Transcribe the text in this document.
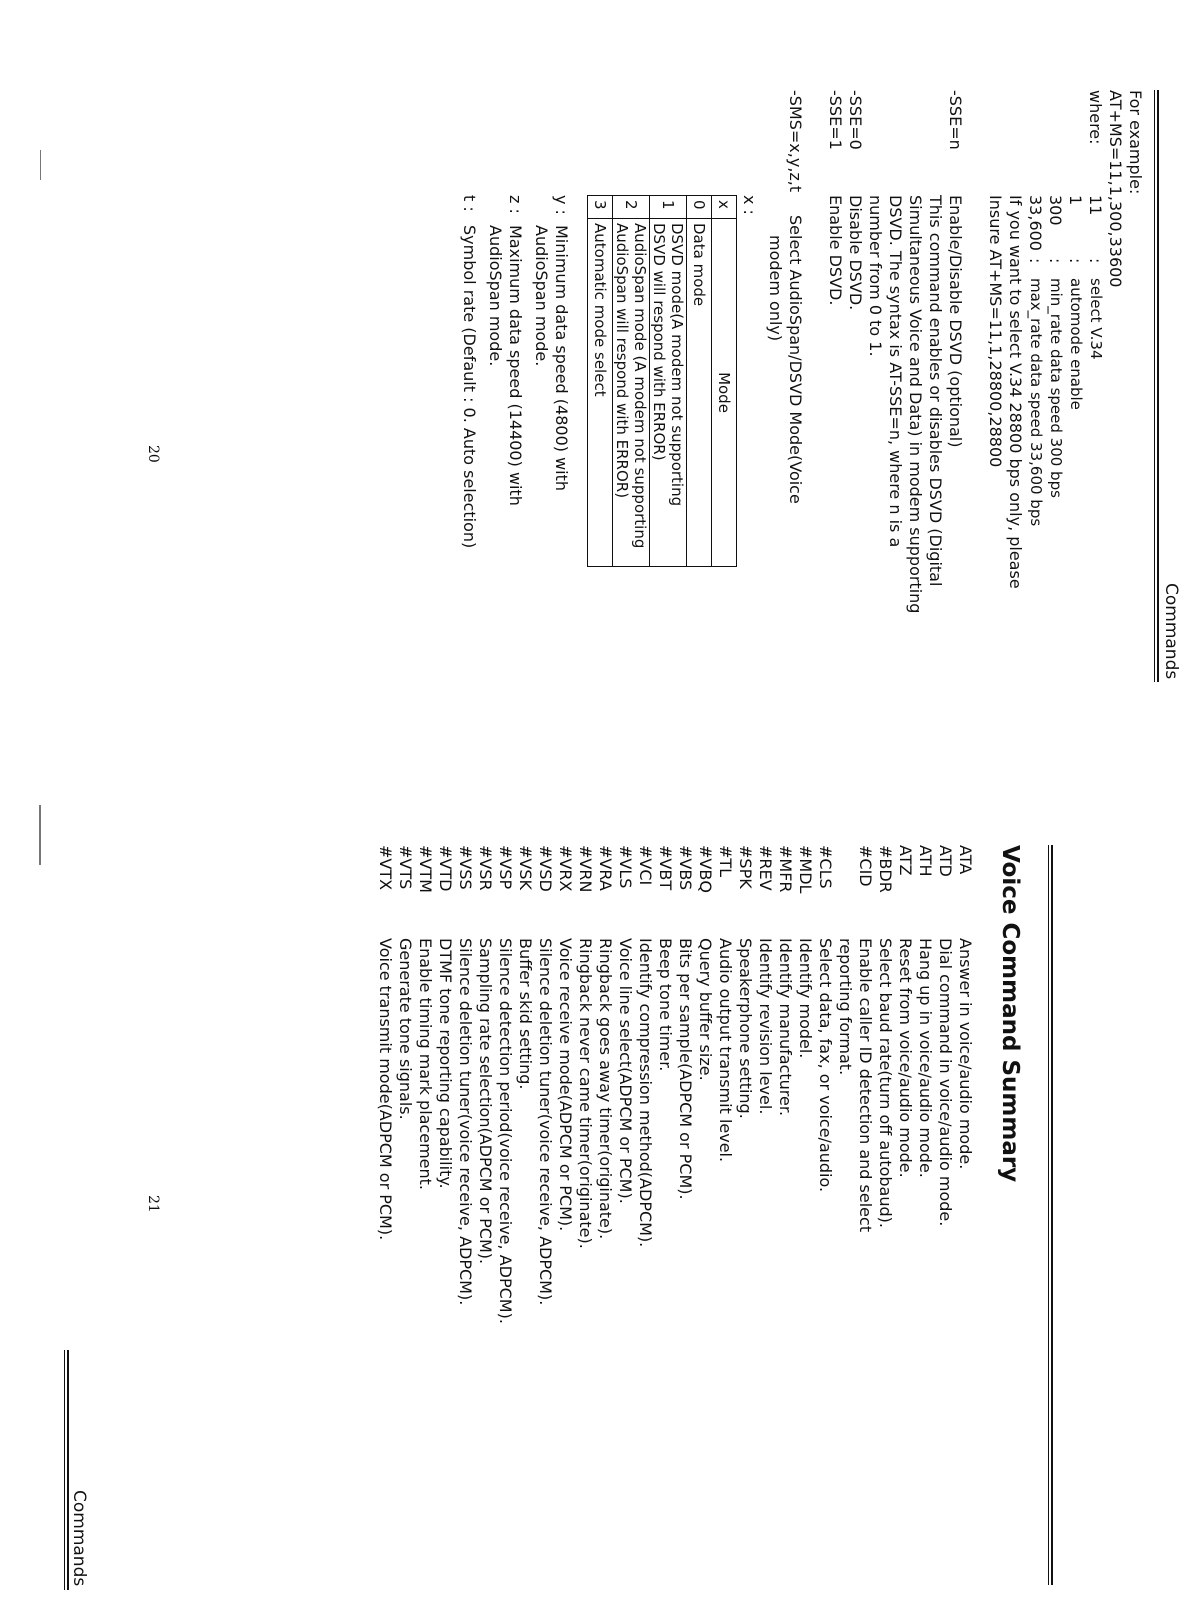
Commands
For example:
AT+MS=11,1,300,33600
where:
11
:
select V.34
1
:
automode enable
300
:
min_rate data speed 300 bps
33,600
:
max_rate data speed 33,600 bps
If you want to select V.34 28800 bps only, please
Insure AT+MS=11,1,28800,28800
-SSE=n
Enable/Disable DSVD (optional)
This command enables or disables DSVD (Digital
Simultaneous Voice and Data) in modem supporting
DSVD. The syntax is AT-SSE=n, where n is a
number from 0 to 1.
-SSE=0
Disable DSVD.
-SSE=1
Enable DSVD.
-SMS=x,y,z,t
Select AudioSpan/DSVD Mode(Voice
modem only)
x :
x	Mode
0	Data mode
1	DSVD mode(A modem not supporting
DSVD will respond with ERROR)

2	AudioSpan mode (A modem not supporting
AudioSpan will respond with ERROR)

3	Automatic mode select
y :
Minimum data speed (4800) with
AudioSpan mode.
z :
Maximum data speed (14400) with
AudioSpan mode.
t :
Symbol rate (Default : 0. Auto selection)
20
Voice Command Summary
Commands
ATA
Answer in voice/audio mode.
ATD
Dial command in voice/audio mode.
ATH
Hang up in voice/audio mode.
ATZ
Reset from voice/audio mode.
#BDR
Select baud rate(turn off autobaud).
#CID
Enable caller ID detection and select
reporting format.
#CLS
Select data, fax, or voice/audio.
#MDL
Identify model.
#MFR
Identify manufacturer.
#REV
Identify revision level.
#SPK
Speakerphone setting.
#TL
Audio output transmit level.
#VBQ
Query buffer size.
#VBS
Bits per sample(ADPCM or PCM).
#VBT
Beep tone timer.
#VCI
Identify compression method(ADPCM).
#VLS
Voice line select(ADPCM or PCM).
#VRA
Ringback goes away timer(originate).
#VRN
Ringback never came timer(originate).
#VRX
Voice receive mode(ADPCM or PCM).
#VSD
Silence deletion tuner(voice receive, ADPCM).
#VSK
Buffer skid setting.
#VSP
Silence detection period(voice receive, ADPCM).
#VSR
Sampling rate selection(ADPCM or PCM).
#VSS
Silence deletion tuner(voice receive, ADPCM).
#VTD
DTMF tone reporting capability.
#VTM
Enable timing mark placement.
#VTS
Generate tone signals.
#VTX
Voice transmit mode(ADPCM or PCM).
21
